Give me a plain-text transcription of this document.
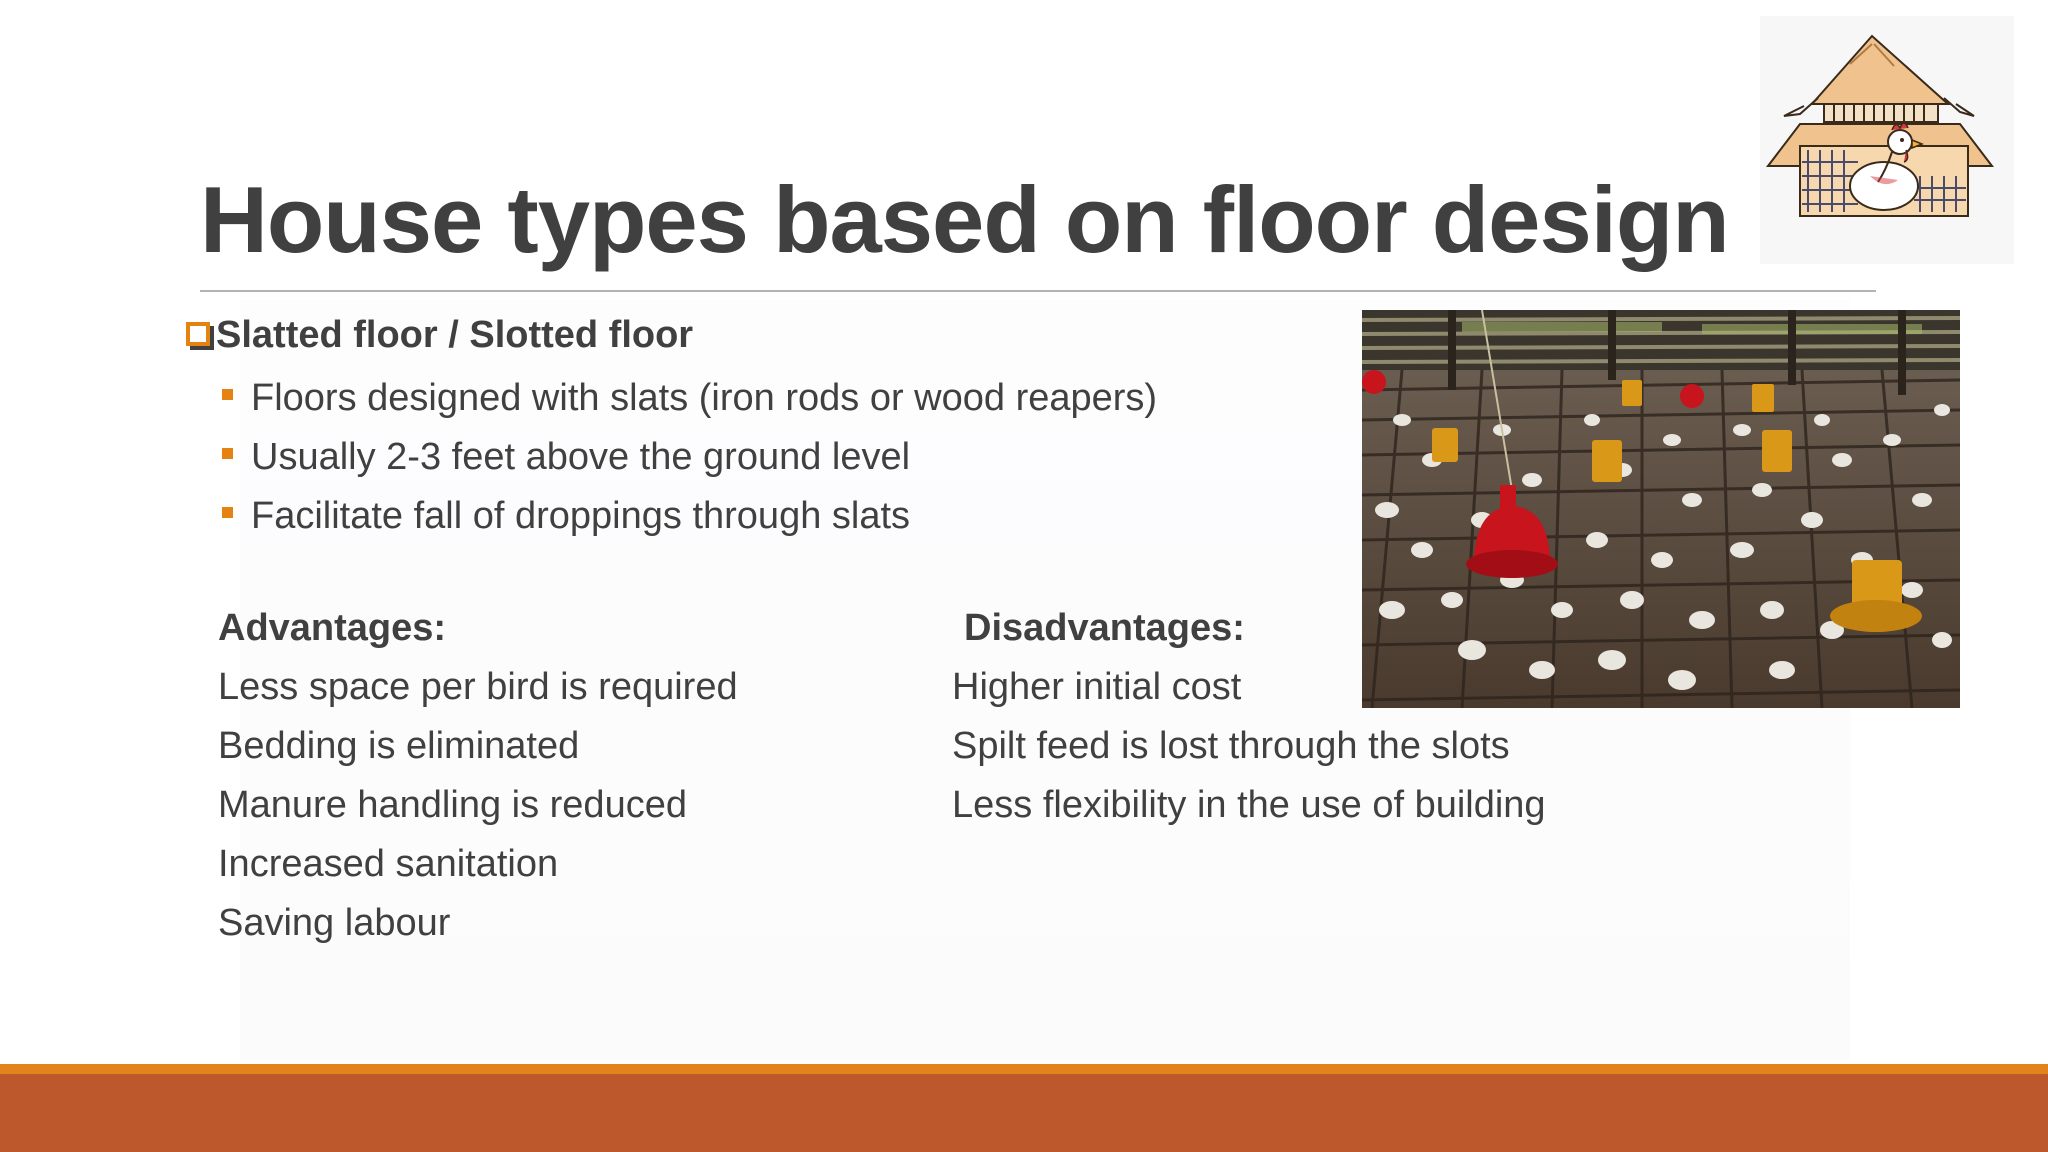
House types based on floor design
Slatted floor / Slotted floor
Floors designed with slats (iron rods or wood reapers)
Usually 2-3 feet above the ground level
Facilitate fall of droppings through slats
Advantages:
Less space per bird is required
Bedding is eliminated
Manure handling is reduced
Increased sanitation
Saving labour
Disadvantages:
Higher initial cost
Spilt feed is lost through the slots
Less flexibility in the use of building
